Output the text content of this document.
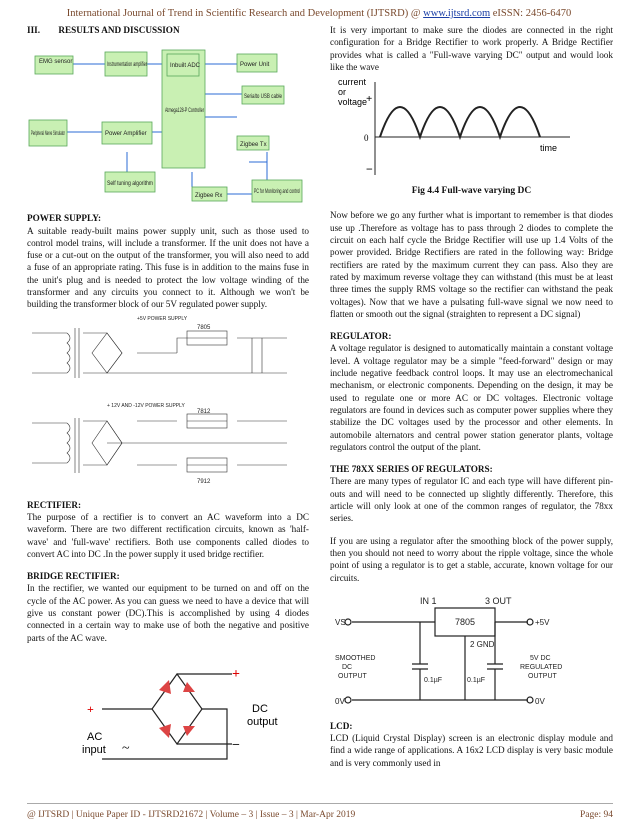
International Journal of Trend in Scientific Research and Development (IJTSRD) @ www.ijtsrd.com eISSN: 2456-6470
III.        RESULTS AND DISCUSSION
EMG sensor	Instrumentation amplifier	Inbuilt ADC
Atmega128-P Controller
Power Unit
Serialto USB cable
Peripheral Nerve Simulator	Power Amplifier
Zigbee Tx
Self tuning algorithm
Zigbee Rx
PC for Monitoring and control
POWER SUPPLY:

A suitable ready-built mains power supply unit, such as those used to control model trains, will include a transformer. If the unit does not have a fuse or a cut-out on the output of the transformer, you will also need to add a fuse of an appropriate rating. This fuse is in addition to the mains fuse in the unit's plug and is needed to protect the low voltage winding of the transformer and any circuits you connect to it. Although we won't be building the transformer block of our 5V regulated power supply.

+5V POWER SUPPLY
7805
+ 12V AND -12V POWER SUPPLY
7812
7912
RECTIFIER:

The purpose of a rectifier is to convert an AC waveform into a DC waveform. There are two different rectification circuits, known as 'half-wave' and 'full-wave' rectifiers. Both use components called diodes to convert AC into DC .In the power supply it used bridge rectifier.

BRIDGE RECTIFIER:

In the rectifier, we wanted our equipment to be turned on and off on the cycle of the AC power. As you can guess we need to have a device that will give us constant power (DC).This is accomplished by using 4 diodes connected in a certain way to make use of both the negative and positive parts of the AC wave.

+
−
+	DC
output
AC
input ~

It is very important to make sure the diodes are connected in the right configuration for a Bridge Rectifier to work properly. A Bridge Rectifier provides what is called a "Full-wave varying DC" output and would look like the wave

current
or
voltage
+
0
−
time
Fig 4.4 Full-wave varying DC

Now before we go any further what is important to remember is that diodes use up .Therefore as voltage has to pass through 2 diodes to complete the circuit on each half cycle the Bridge Rectifier will use up 1.4 Volts of the power provided. Bridge Rectifiers are rated in the following way: Bridge rectifiers are rated by the maximum current they can pass. Also they are rated by maximum reverse voltage they can withstand (this must be at least three times the supply RMS voltage so the rectifier can withstand the peak voltages). Now that we have a pulsating full-wave signal we now need to flatten or smooth out the signal (straighten to represent a DC signal)

REGULATOR:

A voltage regulator is designed to automatically maintain a constant voltage level. A voltage regulator may be a simple "feed-forward" design or may include negative feedback control loops. It may use an electromechanical mechanism, or electronic components. Depending on the design, it may be used to regulate one or more AC or DC voltages. Electronic voltage regulators are found in devices such as computer power supplies where they stabilize the DC voltages used by the processor and other elements. In automobile alternators and central power station generator plants, voltage regulators control the output of the plant.

THE 78XX SERIES OF REGULATORS:

There are many types of regulator IC and each type will have different pin-outs and will need to be connected up slightly differently. Therefore, this article will only look at one of the common ranges of regulator, the 78xx series.

If you are using a regulator after the smoothing block of the power supply, then you should not need to worry about the ripple voltage, since the whole point of using a regulator is to get a stable, accurate, known voltage for our circuits.

IN 1	3 OUT
VS	+5V
7805
2 GND
SMOOTHED
DC
OUTPUT
0.1µF	0.1µF
5V DC
REGULATED
OUTPUT
0V	0V
LCD:

LCD (Liquid Crystal Display) screen is an electronic display module and find a wide range of applications. A 16x2 LCD display is very basic module and is very commonly used in

@ IJTSRD | Unique Paper ID - IJTSRD21672 | Volume – 3 | Issue – 3 | Mar-Apr 2019	Page: 94
